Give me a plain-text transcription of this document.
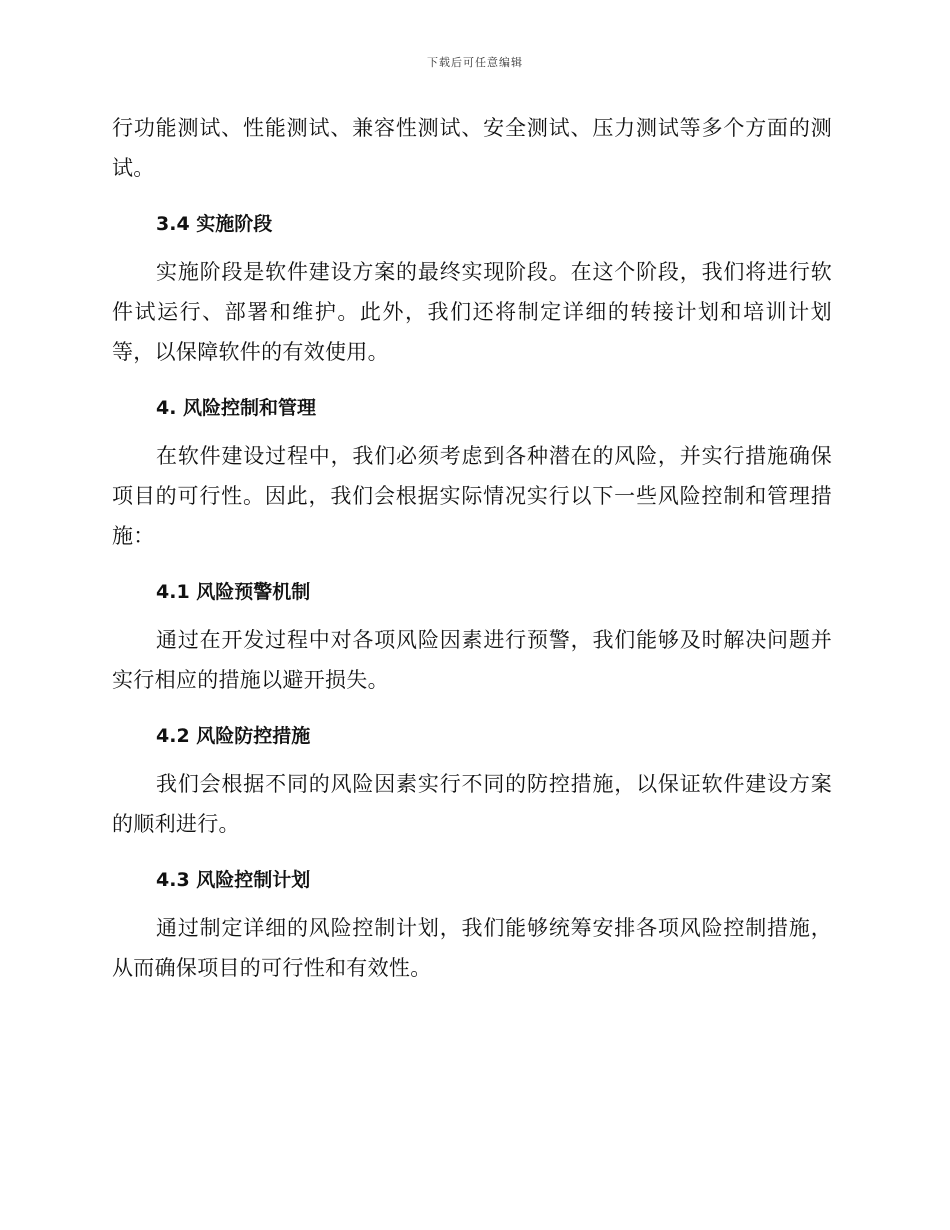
下载后可任意编辑

行功能测试、性能测试、兼容性测试、安全测试、压力测试等多个方面的测试。

3.4 实施阶段

实施阶段是软件建设方案的最终实现阶段。在这个阶段，我们将进行软件试运行、部署和维护。此外，我们还将制定详细的转接计划和培训计划等，以保障软件的有效使用。

4. 风险控制和管理

在软件建设过程中，我们必须考虑到各种潜在的风险，并实行措施确保项目的可行性。因此，我们会根据实际情况实行以下一些风险控制和管理措施：

4.1 风险预警机制

通过在开发过程中对各项风险因素进行预警，我们能够及时解决问题并实行相应的措施以避开损失。

4.2 风险防控措施

我们会根据不同的风险因素实行不同的防控措施，以保证软件建设方案的顺利进行。

4.3 风险控制计划

通过制定详细的风险控制计划，我们能够统筹安排各项风险控制措施，从而确保项目的可行性和有效性。
